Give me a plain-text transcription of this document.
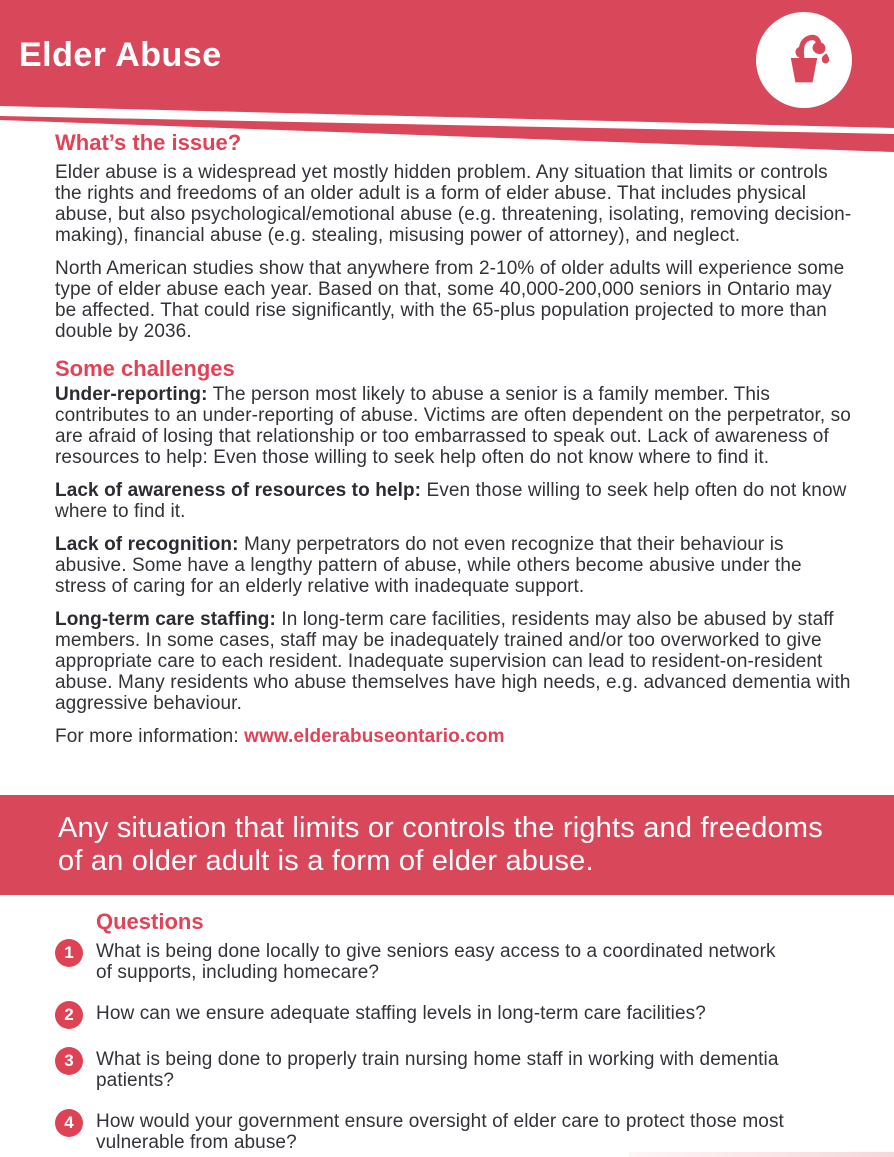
Elder Abuse
What’s the issue?

Elder abuse is a widespread yet mostly hidden problem. Any situation that limits or controls the rights and freedoms of an older adult is a form of elder abuse. That includes physical abuse, but also psychological/emotional abuse (e.g. threatening, isolating, removing decision-making), financial abuse (e.g. stealing, misusing power of attorney), and neglect.

North American studies show that anywhere from 2-10% of older adults will experience some type of elder abuse each year. Based on that, some 40,000-200,000 seniors in Ontario may be affected. That could rise significantly, with the 65-plus population projected to more than double by 2036.

Some challenges

Under-reporting: The person most likely to abuse a senior is a family member. This contributes to an under-reporting of abuse. Victims are often dependent on the perpetrator, so are afraid of losing that relationship or too embarrassed to speak out. Lack of awareness of resources to help: Even those willing to seek help often do not know where to find it.

Lack of awareness of resources to help: Even those willing to seek help often do not know where to find it.

Lack of recognition: Many perpetrators do not even recognize that their behaviour is abusive. Some have a lengthy pattern of abuse, while others become abusive under the stress of caring for an elderly relative with inadequate support.

Long-term care staffing: In long-term care facilities, residents may also be abused by staff members. In some cases, staff may be inadequately trained and/or too overworked to give appropriate care to each resident. Inadequate supervision can lead to resident-on-resident abuse. Many residents who abuse themselves have high needs, e.g. advanced dementia with aggressive behaviour.

For more information: www.elderabuseontario.com

Any situation that limits or controls the rights and freedoms of an older adult is a form of elder abuse.

Questions
1	What is being done locally to give seniors easy access to a coordinated network of supports, including homecare?
2	How can we ensure adequate staffing levels in long-term care facilities?
3	What is being done to properly train nursing home staff in working with dementia patients?
4	How would your government ensure oversight of elder care to protect those most vulnerable from abuse?
